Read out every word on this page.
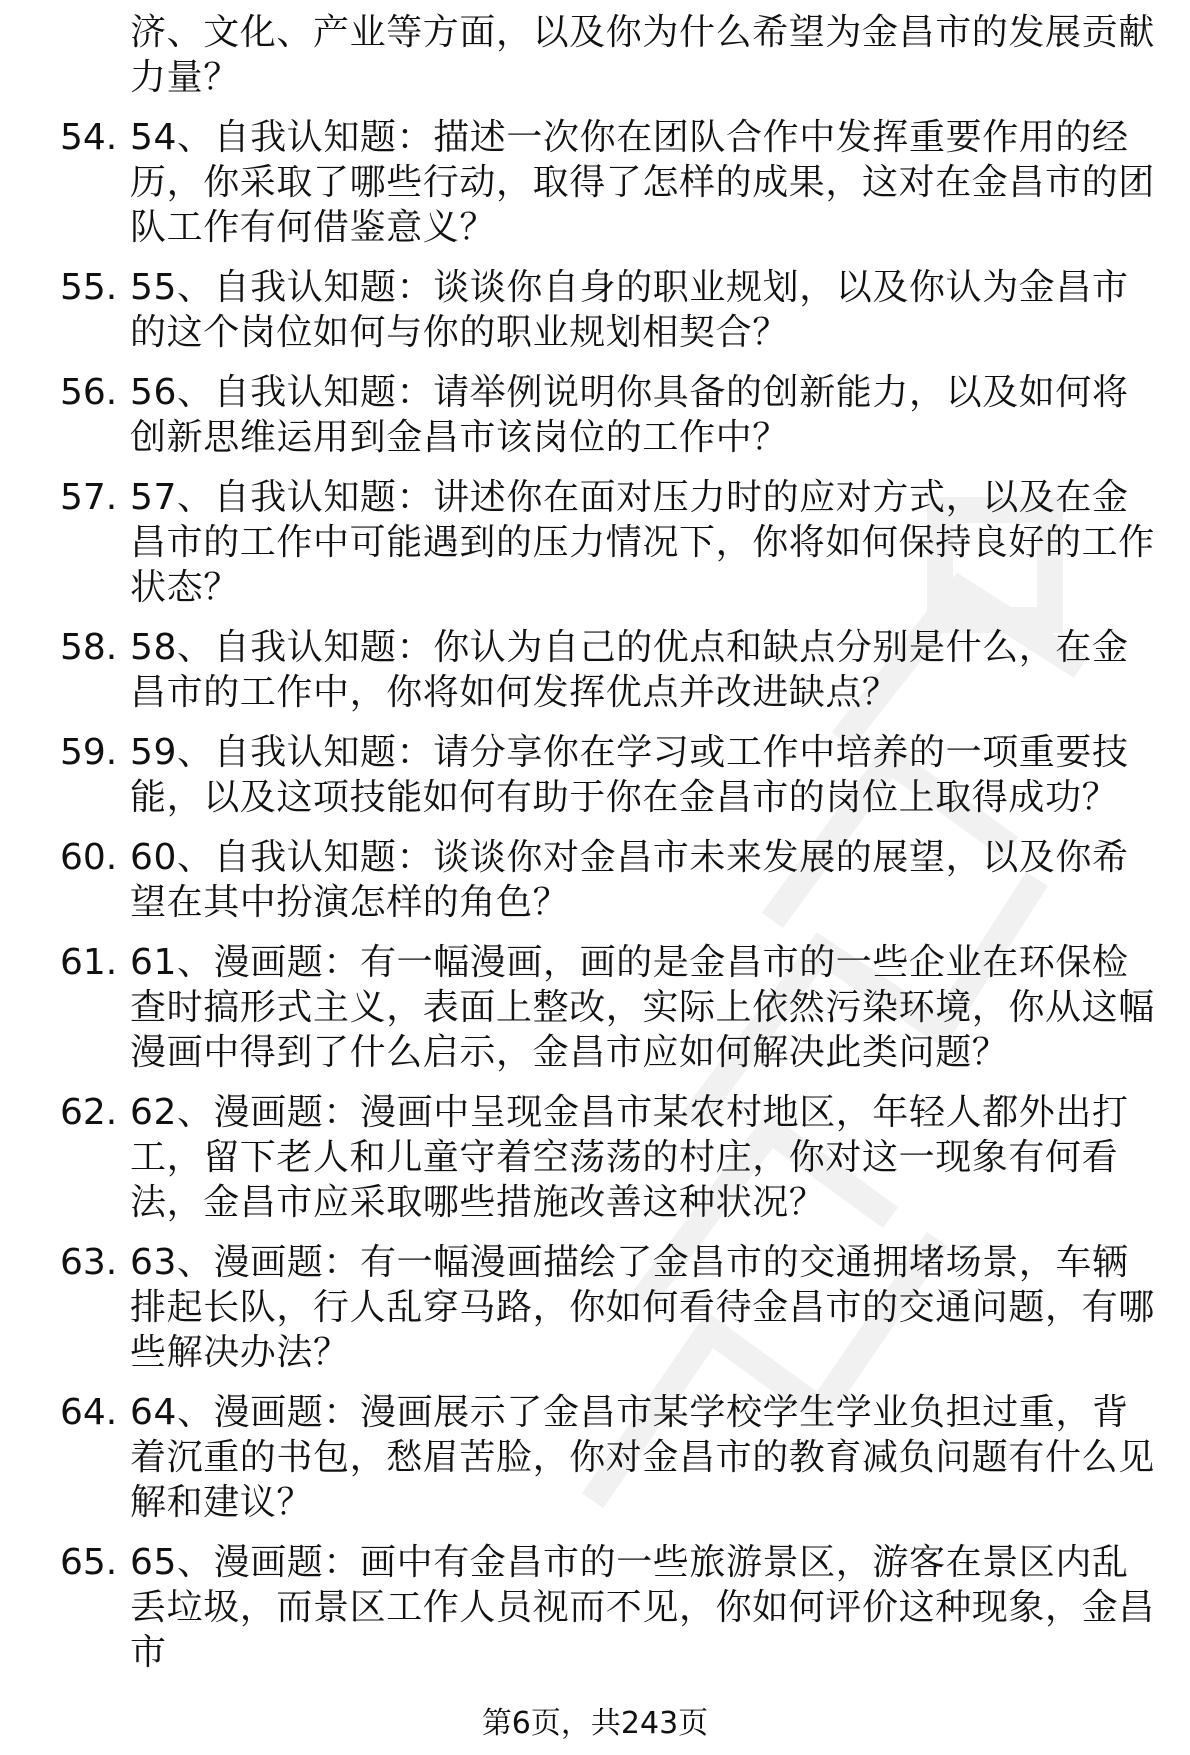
济、文化、产业等方面，以及你为什么希望为金昌市的发展贡献力量？
54. 54、自我认知题：描述一次你在团队合作中发挥重要作用的经历，你采取了哪些行动，取得了怎样的成果，这对在金昌市的团队工作有何借鉴意义？
55. 55、自我认知题：谈谈你自身的职业规划，以及你认为金昌市的这个岗位如何与你的职业规划相契合？
56. 56、自我认知题：请举例说明你具备的创新能力，以及如何将创新思维运用到金昌市该岗位的工作中？
57. 57、自我认知题：讲述你在面对压力时的应对方式，以及在金昌市的工作中可能遇到的压力情况下，你将如何保持良好的工作状态？
58. 58、自我认知题：你认为自己的优点和缺点分别是什么，在金昌市的工作中，你将如何发挥优点并改进缺点？
59. 59、自我认知题：请分享你在学习或工作中培养的一项重要技能，以及这项技能如何有助于你在金昌市的岗位上取得成功？
60. 60、自我认知题：谈谈你对金昌市未来发展的展望，以及你希望在其中扮演怎样的角色？
61. 61、漫画题：有一幅漫画，画的是金昌市的一些企业在环保检查时搞形式主义，表面上整改，实际上依然污染环境，你从这幅漫画中得到了什么启示，金昌市应如何解决此类问题？
62. 62、漫画题：漫画中呈现金昌市某农村地区，年轻人都外出打工，留下老人和儿童守着空荡荡的村庄，你对这一现象有何看法，金昌市应采取哪些措施改善这种状况？
63. 63、漫画题：有一幅漫画描绘了金昌市的交通拥堵场景，车辆排起长队，行人乱穿马路，你如何看待金昌市的交通问题，有哪些解决办法？
64. 64、漫画题：漫画展示了金昌市某学校学生学业负担过重，背着沉重的书包，愁眉苦脸，你对金昌市的教育减负问题有什么见解和建议？
65. 65、漫画题：画中有金昌市的一些旅游景区，游客在景区内乱丢垃圾，而景区工作人员视而不见，你如何评价这种现象，金昌市
第6页，共243页
